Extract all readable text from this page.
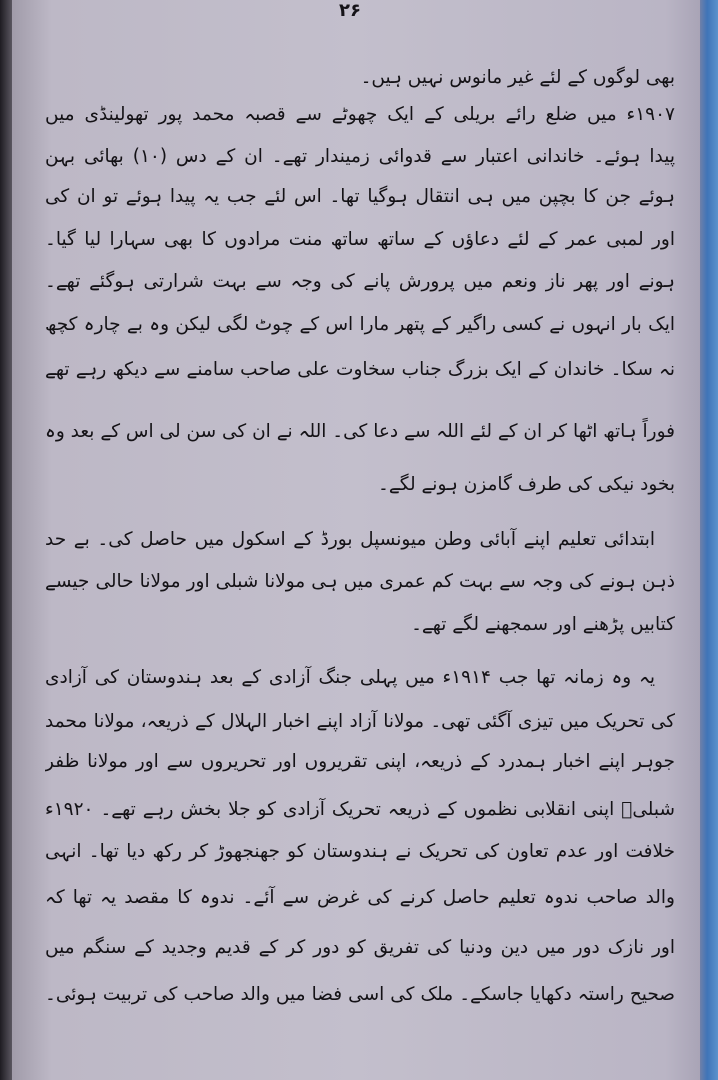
۲۶
بھی لوگوں کے لئے غیر مانوس نہیں ہیں۔
۱۹۰۷ء میں ضلع رائے بریلی کے ایک چھوٹے سے قصبہ محمد پور تھولینڈی میں
پیدا ہوئے۔ خاندانی اعتبار سے قدوائی زمیندار تھے۔ ان کے دس (۱۰) بھائی بہن
ہوئے جن کا بچپن میں ہی انتقال ہوگیا تھا۔ اس لئے جب یہ پیدا ہوئے تو ان کی
اور لمبی عمر کے لئے دعاؤں کے ساتھ ساتھ منت مرادوں کا بھی سہارا لیا گیا۔
ہونے اور پھر ناز ونعم میں پرورش پانے کی وجہ سے بہت شرارتی ہوگئے تھے۔
ایک بار انہوں نے کسی راگیر کے پتھر مارا اس کے چوٹ لگی لیکن وہ بے چارہ کچھ
نہ سکا۔ خاندان کے ایک بزرگ جناب سخاوت علی صاحب سامنے سے دیکھ رہے تھے
فوراً ہاتھ اٹھا کر ان کے لئے اللہ سے دعا کی۔ اللہ نے ان کی سن لی اس کے بعد وہ
بخود نیکی کی طرف گامزن ہونے لگے۔
ابتدائی تعلیم اپنے آبائی وطن میونسپل بورڈ کے اسکول میں حاصل کی۔ بے حد
ذہن ہونے کی وجہ سے بہت کم عمری میں ہی مولانا شبلی اور مولانا حالی جیسے
کتابیں پڑھنے اور سمجھنے لگے تھے۔
یہ وہ زمانہ تھا جب ۱۹۱۴ء میں پہلی جنگ آزادی کے بعد ہندوستان کی آزادی
کی تحریک میں تیزی آگئی تھی۔ مولانا آزاد اپنے اخبار الہلال کے ذریعہ، مولانا محمد
جوہر اپنے اخبار ہمدرد کے ذریعہ، اپنی تقریروں اور تحریروں سے اور مولانا ظفر
شبلیؒ اپنی انقلابی نظموں کے ذریعہ تحریک آزادی کو جلا بخش رہے تھے۔ ۱۹۲۰ء
خلافت اور عدم تعاون کی تحریک نے ہندوستان کو جھنجھوڑ کر رکھ دیا تھا۔ انہی
والد صاحب ندوہ تعلیم حاصل کرنے کی غرض سے آئے۔ ندوہ کا مقصد یہ تھا کہ
اور نازک دور میں دین ودنیا کی تفریق کو دور کر کے قدیم وجدید کے سنگم میں
صحیح راستہ دکھایا جاسکے۔ ملک کی اسی فضا میں والد صاحب کی تربیت ہوئی۔
